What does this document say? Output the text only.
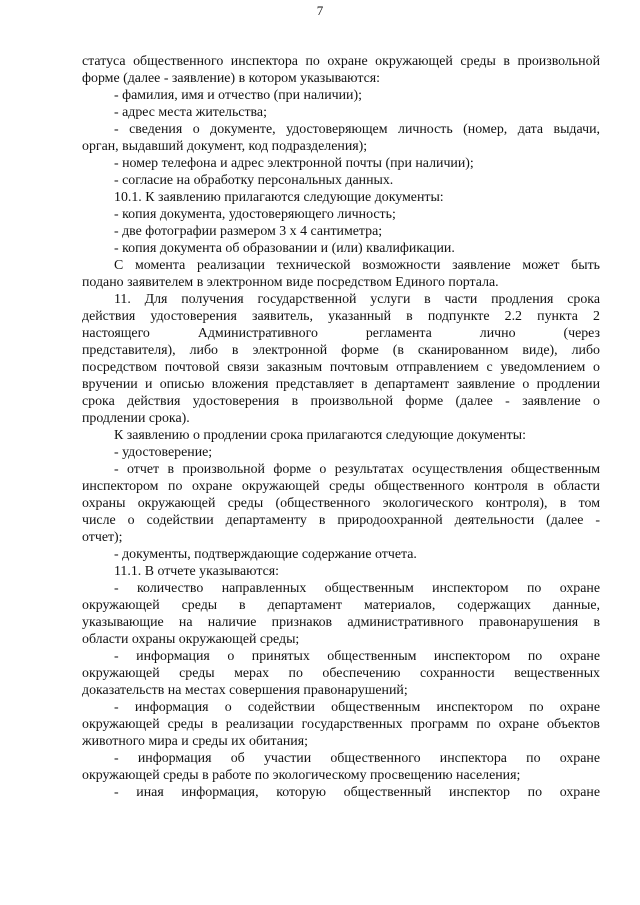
7
статуса общественного инспектора по охране окружающей среды в произвольной
форме (далее - заявление) в котором указываются:
- фамилия, имя и отчество (при наличии);
- адрес места жительства;
- сведения о документе, удостоверяющем личность (номер, дата выдачи,
орган, выдавший документ, код подразделения);
- номер телефона и адрес электронной почты (при наличии);
- согласие на обработку персональных данных.
10.1. К заявлению прилагаются следующие документы:
- копия документа, удостоверяющего личность;
- две фотографии размером 3 х 4 сантиметра;
- копия документа об образовании и (или) квалификации.
С момента реализации технической возможности заявление может быть
подано заявителем в электронном виде посредством Единого портала.
11. Для получения государственной услуги в части продления срока
действия удостоверения заявитель, указанный в подпункте 2.2 пункта 2
настоящего Административного регламента лично (через
представителя), либо в электронной форме (в сканированном виде), либо
посредством почтовой связи заказным почтовым отправлением с уведомлением о
вручении и описью вложения представляет в департамент заявление о продлении
срока действия удостоверения в произвольной форме (далее - заявление о
продлении срока).
К заявлению о продлении срока прилагаются следующие документы:
- удостоверение;
- отчет в произвольной форме о результатах осуществления общественным
инспектором по охране окружающей среды общественного контроля в области
охраны окружающей среды (общественного экологического контроля), в том
числе о содействии департаменту в природоохранной деятельности (далее -
отчет);
- документы, подтверждающие содержание отчета.
11.1. В отчете указываются:
- количество направленных общественным инспектором по охране
окружающей среды в департамент материалов, содержащих данные,
указывающие на наличие признаков административного правонарушения в
области охраны окружающей среды;
- информация о принятых общественным инспектором по охране
окружающей среды мерах по обеспечению сохранности вещественных
доказательств на местах совершения правонарушений;
- информация о содействии общественным инспектором по охране
окружающей среды в реализации государственных программ по охране объектов
животного мира и среды их обитания;
- информация об участии общественного инспектора по охране
окружающей среды в работе по экологическому просвещению населения;
- иная информация, которую общественный инспектор по охране
